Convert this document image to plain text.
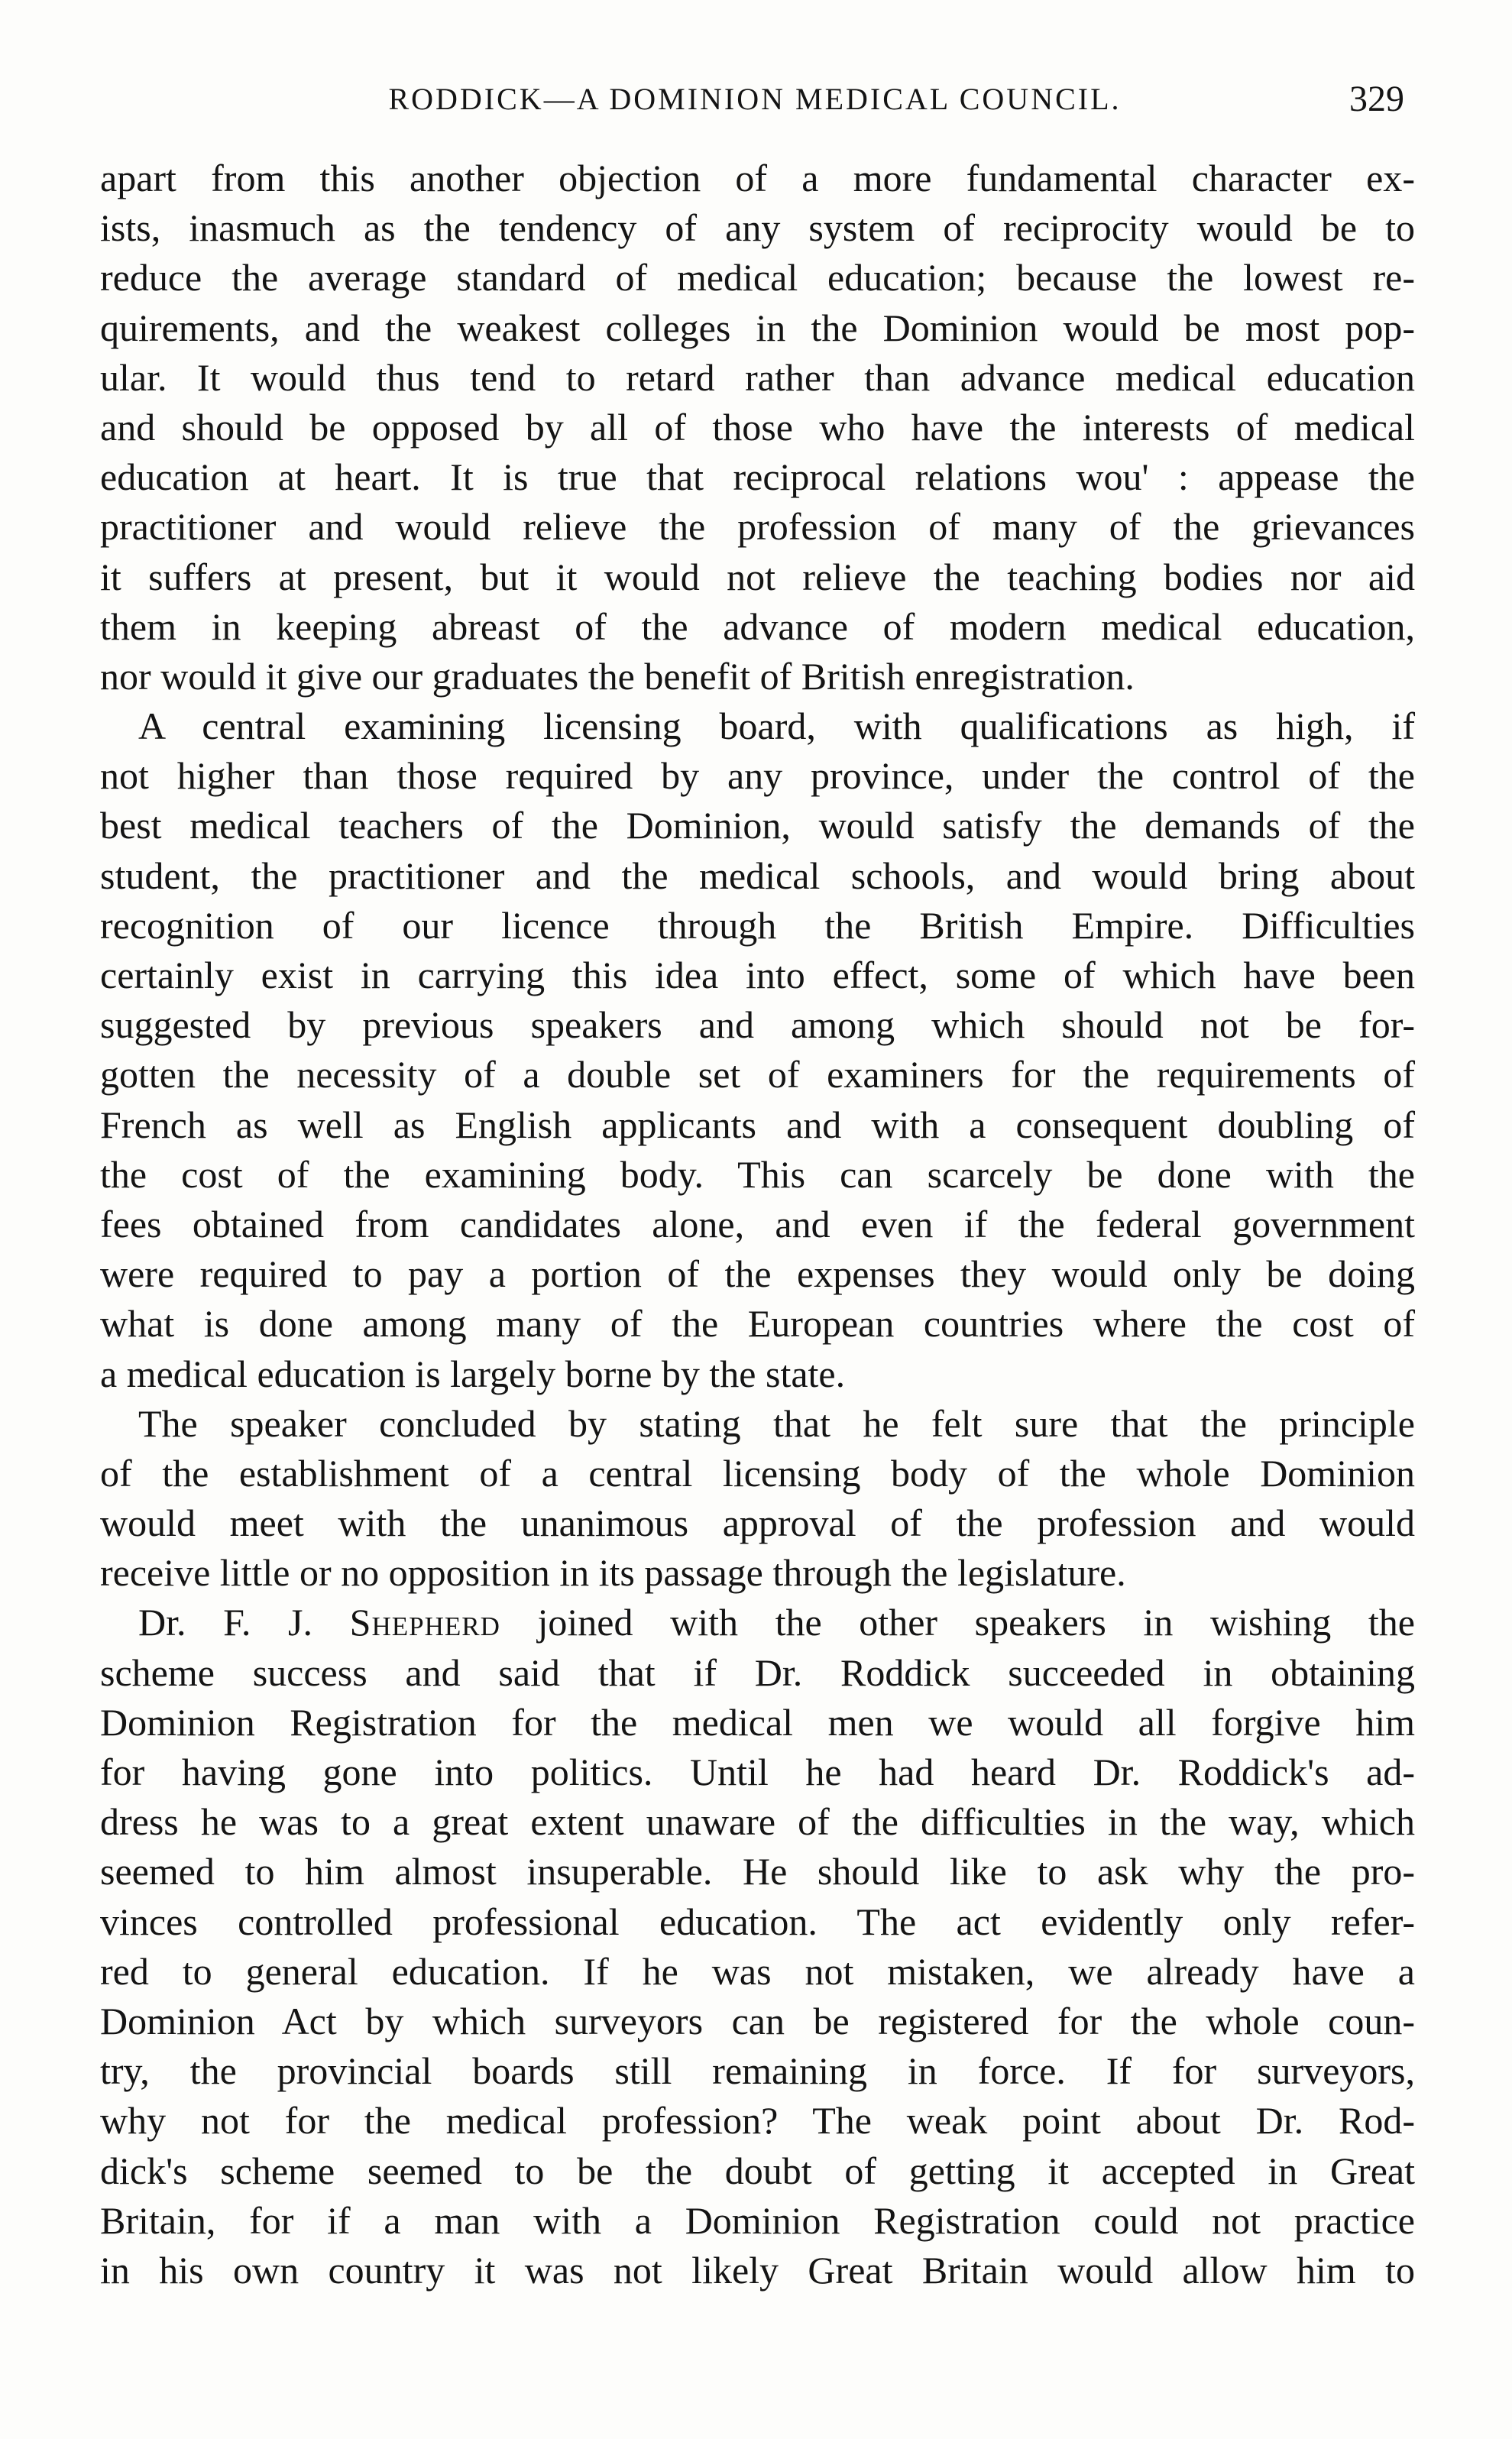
RODDICK—A DOMINION MEDICAL COUNCIL.	329
apart from this another objection of a more fundamental character ex-
ists, inasmuch as the tendency of any system of reciprocity would be to
reduce the average standard of medical education; because the lowest re-
quirements, and the weakest colleges in the Dominion would be most pop-
ular. It would thus tend to retard rather than advance medical education
and should be opposed by all of those who have the interests of medical
education at heart. It is true that reciprocal relations wou' : appease the
practitioner and would relieve the profession of many of the grievances
it suffers at present, but it would not relieve the teaching bodies nor aid
them in keeping abreast of the advance of modern medical education,
nor would it give our graduates the benefit of British enregistration.
A central examining licensing board, with qualifications as high, if
not higher than those required by any province, under the control of the
best medical teachers of the Dominion, would satisfy the demands of the
student, the practitioner and the medical schools, and would bring about
recognition of our licence through the British Empire. Difficulties
certainly exist in carrying this idea into effect, some of which have been
suggested by previous speakers and among which should not be for-
gotten the necessity of a double set of examiners for the requirements of
French as well as English applicants and with a consequent doubling of
the cost of the examining body. This can scarcely be done with the
fees obtained from candidates alone, and even if the federal government
were required to pay a portion of the expenses they would only be doing
what is done among many of the European countries where the cost of
a medical education is largely borne by the state.
The speaker concluded by stating that he felt sure that the principle
of the establishment of a central licensing body of the whole Dominion
would meet with the unanimous approval of the profession and would
receive little or no opposition in its passage through the legislature.
Dr. F. J. Shepherd joined with the other speakers in wishing the
scheme success and said that if Dr. Roddick succeeded in obtaining
Dominion Registration for the medical men we would all forgive him
for having gone into politics. Until he had heard Dr. Roddick's ad-
dress he was to a great extent unaware of the difficulties in the way, which
seemed to him almost insuperable. He should like to ask why the pro-
vinces controlled professional education. The act evidently only refer-
red to general education. If he was not mistaken, we already have a
Dominion Act by which surveyors can be registered for the whole coun-
try, the provincial boards still remaining in force. If for surveyors,
why not for the medical profession? The weak point about Dr. Rod-
dick's scheme seemed to be the doubt of getting it accepted in Great
Britain, for if a man with a Dominion Registration could not practice
in his own country it was not likely Great Britain would allow him to
